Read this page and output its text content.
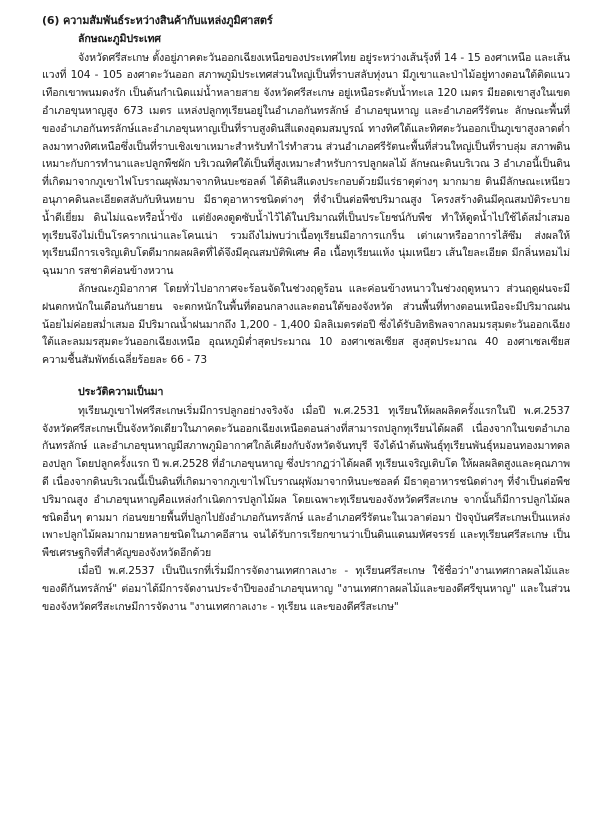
(6) ความสัมพันธ์ระหว่างสินค้ากับแหล่งภูมิศาสตร์
ลักษณะภูมิประเทศ

จังหวัดศรีสะเกษ ตั้งอยู่ภาคตะวันออกเฉียงเหนือของประเทศไทย อยู่ระหว่างเส้นรุ้งที่ 14 - 15 องศาเหนือ และเส้นแวงที่ 104 - 105 องศาตะวันออก สภาพภูมิประเทศส่วนใหญ่เป็นที่ราบสลับทุ่งนา มีภูเขาและป่าไม้อยู่ทางตอนใต้ติดแนวเทือกเขาพนมดงรัก เป็นต้นกำเนิดแม่น้ำหลายสาย จังหวัดศรีสะเกษ อยู่เหนือระดับน้ำทะเล 120 เมตร มียอดเขาสูงในเขตอำเภอขุนหาญสูง 673 เมตร แหล่งปลูกทุเรียนอยู่ในอำเภอกันทรลักษ์ อำเภอขุนหาญ และอำเภอศรีรัตนะ ลักษณะพื้นที่ของอำเภอกันทรลักษ์และอำเภอขุนหาญเป็นที่ราบสูงดินสีแดงอุดมสมบูรณ์ ทางทิศใต้และทิศตะวันออกเป็นภูเขาสูงลาดต่ำลงมาทางทิศเหนือซึ่งเป็นที่ราบเชิงเขาเหมาะสำหรับทำไร่ทำสวน ส่วนอำเภอศรีรัตนะพื้นที่ส่วนใหญ่เป็นที่ราบลุ่ม สภาพดินเหมาะกับการทำนาและปลูกพืชผัก บริเวณทิศใต้เป็นที่สูงเหมาะสำหรับการปลูกผลไม้ ลักษณะดินบริเวณ 3 อำเภอนี้เป็นดินที่เกิดมาจากภูเขาไฟโบราณผุพังมาจากหินบะซอลต์ ได้ดินสีแดงประกอบด้วยมีแร่ธาตุต่างๆ มากมาย ดินมีลักษณะเหนียวอนุภาคดินละเอียดสลับกับหินหยาบ มีธาตุอาหารชนิดต่างๆ ที่จำเป็นต่อพืชปริมาณสูง โครงสร้างดินมีคุณสมบัติระบายน้ำดีเยี่ยม ดินไม่แฉะหรือน้ำขัง แต่ยังคงดูดซับน้ำไว้ได้ในปริมาณที่เป็นประโยชน์กับพืช ทำให้ดูดน้ำไปใช้ได้สม่ำเสมอ ทุเรียนจึงไม่เป็นโรครากเน่าและโคนเน่า รวมถึงไม่พบว่าเนื้อทุเรียนมีอาการแกร็น เต่าเผาหรืออาการไส้ซึม ส่งผลให้ทุเรียนมีการเจริญเติบโตดีมากผลผลิตที่ได้จึงมีคุณสมบัติพิเศษ คือ เนื้อทุเรียนแห้ง นุ่มเหนียว เส้นใยละเอียด มีกลิ่นหอมไม่ฉุนมาก รสชาติค่อนข้างหวาน

ลักษณะภูมิอากาศ โดยทั่วไปอากาศจะร้อนจัดในช่วงฤดูร้อน และค่อนข้างหนาวในช่วงฤดูหนาว ส่วนฤดูฝนจะมีฝนตกหนักในเดือนกันยายน จะตกหนักในพื้นที่ตอนกลางและตอนใต้ของจังหวัด ส่วนพื้นที่ทางตอนเหนือจะมีปริมาณฝนน้อยไม่ค่อยสม่ำเสมอ มีปริมาณน้ำฝนมากถึง 1,200 - 1,400 มิลลิเมตรต่อปี ซึ่งได้รับอิทธิพลจากลมมรสุมตะวันออกเฉียงใต้และลมมรสุมตะวันออกเฉียงเหนือ อุณหภูมิต่ำสุดประมาณ 10 องศาเซลเซียส สูงสุดประมาณ 40 องศาเซลเซียส ความชื้นสัมพัทธ์เฉลี่ยร้อยละ 66 - 73

ประวัติความเป็นมา

ทุเรียนภูเขาไฟศรีสะเกษเริ่มมีการปลูกอย่างจริงจัง เมื่อปี พ.ศ.2531 ทุเรียนให้ผลผลิตครั้งแรกในปี พ.ศ.2537 จังหวัดศรีสะเกษเป็นจังหวัดเดียวในภาคตะวันออกเฉียงเหนือตอนล่างที่สามารถปลูกทุเรียนได้ผลดี เนื่องจากในเขตอำเภอกันทรลักษ์ และอำเภอขุนหาญมีสภาพภูมิอากาศใกล้เคียงกับจังหวัดจันทบุรี จึงได้นำต้นพันธุ์ทุเรียนพันธุ์หมอนทองมาทดลองปลูก โดยปลูกครั้งแรก ปี พ.ศ.2528 ที่อำเภอขุนหาญ ซึ่งปรากฏว่าได้ผลดี ทุเรียนเจริญเติบโต ให้ผลผลิตสูงและคุณภาพดี เนื่องจากดินบริเวณนี้เป็นดินที่เกิดมาจากภูเขาไฟโบราณผุพังมาจากหินบะซอลต์ มีธาตุอาหารชนิดต่างๆ ที่จำเป็นต่อพืชปริมาณสูง อำเภอขุนหาญคือแหล่งกำเนิดการปลูกไม้ผล โดยเฉพาะทุเรียนของจังหวัดศรีสะเกษ จากนั้นก็มีการปลูกไม้ผลชนิดอื่นๆ ตามมา ก่อนขยายพื้นที่ปลูกไปยังอำเภอกันทรลักษ์ และอำเภอศรีรัตนะในเวลาต่อมา ปัจจุบันศรีสะเกษเป็นแหล่งเพาะปลูกไม้ผลมากมายหลายชนิดในภาคอีสาน จนได้รับการเรียกขานว่าเป็นดินแดนมหัศจรรย์ และทุเรียนศรีสะเกษ เป็นพืชเศรษฐกิจที่สำคัญของจังหวัดอีกด้วย

เมื่อปี พ.ศ.2537 เป็นปีแรกที่เริ่มมีการจัดงานเทศกาลเงาะ - ทุเรียนศรีสะเกษ ใช้ชื่อว่า"งานเทศกาลผลไม้และของดีกันทรลักษ์" ต่อมาได้มีการจัดงานประจำปีของอำเภอขุนหาญ "งานเทศกาลผลไม้และของดีศรีขุนหาญ" และในส่วนของจังหวัดศรีสะเกษมีการจัดงาน "งานเทศกาลเงาะ - ทุเรียน และของดีศรีสะเกษ"
